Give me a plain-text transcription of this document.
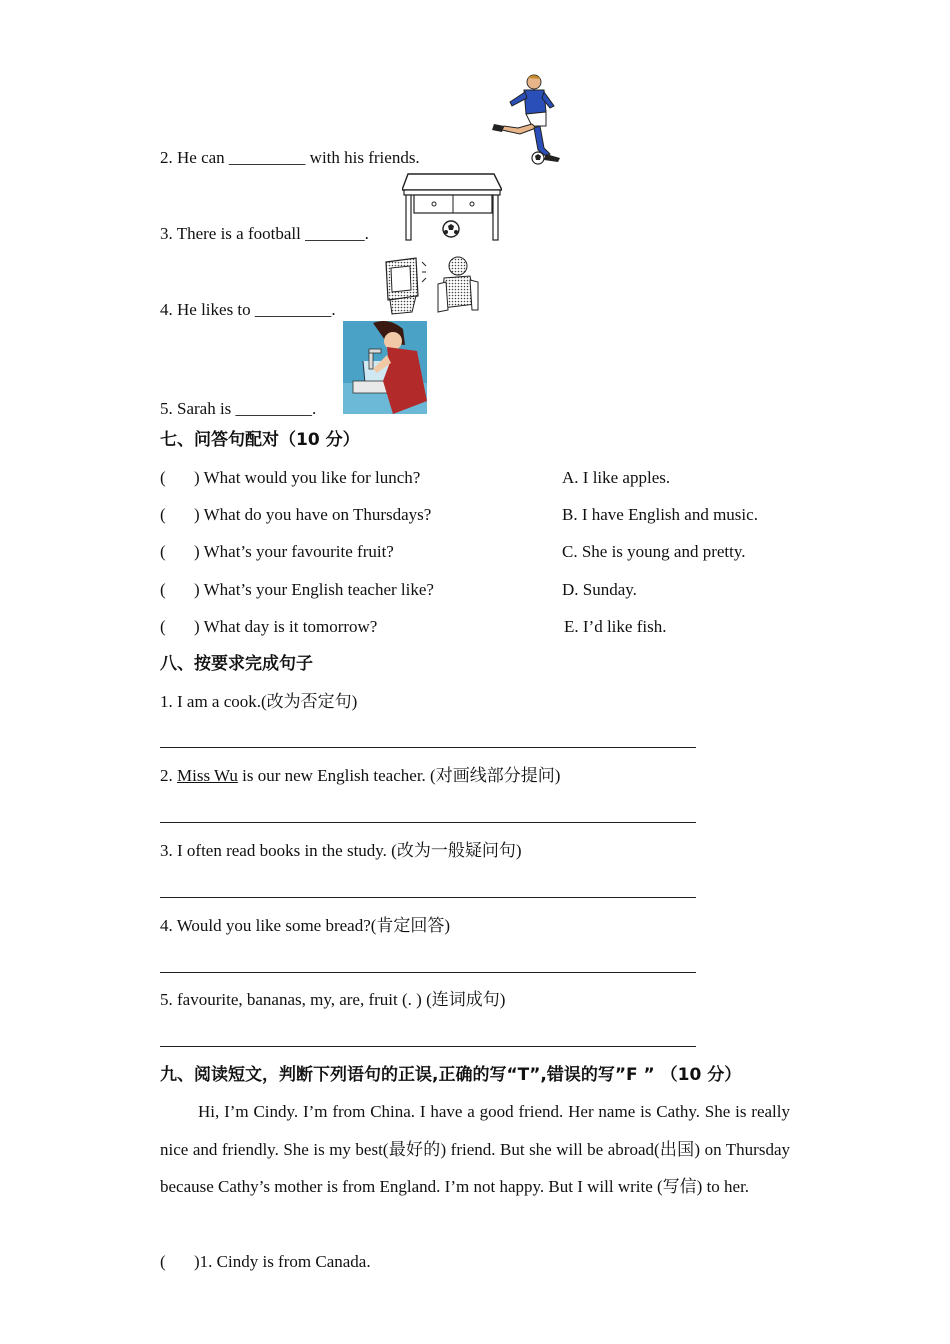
2. He can _________ with his friends.
3. There is a football _______.
4. He likes to _________.
5. Sarah is _________.
七、问答句配对（10 分）
( ) What would you like for lunch?	A. I like apples.
( ) What do you have on Thursdays?	B. I have English and music.
( ) What’s your favourite fruit?	C. She is young and pretty.
( ) What’s your English teacher like?	D. Sunday.
( ) What day is it tomorrow?	E. I’d like fish.
八、按要求完成句子
1. I am a cook.(改为否定句)
2. Miss Wu is our new English teacher. (对画线部分提问)
3. I often read books in the study. (改为一般疑问句)
4. Would you like some bread?(肯定回答)
5. favourite, bananas, my, are, fruit (. ) (连词成句)
九、阅读短文，判断下列语句的正误,正确的写“T”,错误的写”F ” （10 分）
Hi, I’m Cindy. I’m from China. I have a good friend. Her name is Cathy. She is really nice and friendly. She is my best(最好的) friend. But she will be abroad(出国) on Thursday because Cathy’s mother is from England. I’m not happy. But I will write (写信) to her.
( )1. Cindy is from Canada.
